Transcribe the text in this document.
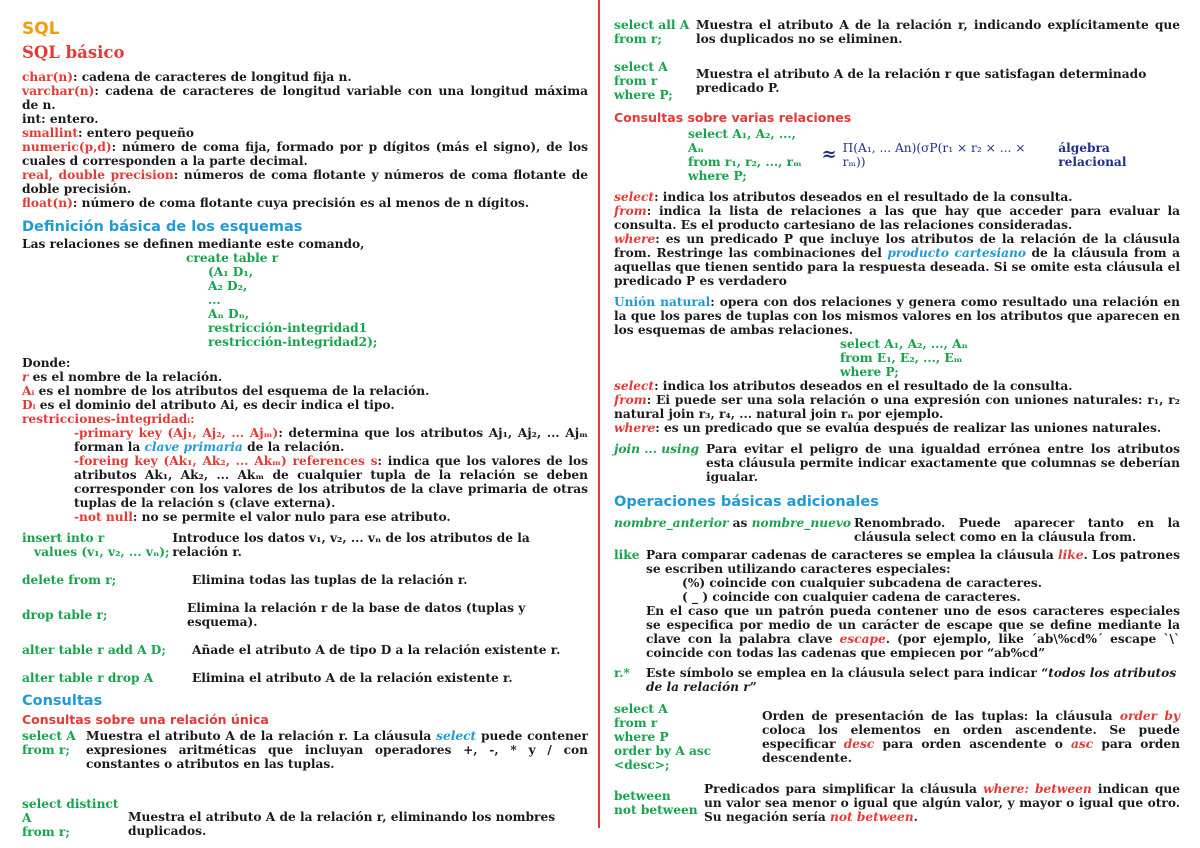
SQL
SQL básico
char(n): cadena de caracteres de longitud fija n.
varchar(n): cadena de caracteres de longitud variable con una longitud máxima de n.
int: entero.
smallint: entero pequeño
numeric(p,d): número de coma fija, formado por p dígitos (más el signo), de los cuales d corresponden a la parte decimal.
real, double precision: números de coma flotante y números de coma flotante de doble precisión.
float(n): número de coma flotante cuya precisión es al menos de n dígitos.
Definición básica de los esquemas
Las relaciones se definen mediante este comando,
create table r
(A₁ D₁,
A₂ D₂,
...
Aₙ Dₙ,
restricción-integridad1
restricción-integridad2);
Donde:
r es el nombre de la relación.
Aᵢ es el nombre de los atributos del esquema de la relación.
Dᵢ es el dominio del atributo Ai, es decir indica el tipo.
restricciones-integridadᵢ:
-primary key (Aj₁, Aj₂, ... Ajₘ): determina que los atributos Aj₁, Aj₂, ... Ajₘ forman la clave primaria de la relación.
-foreing key (Ak₁, Ak₂, ... Akₘ) references s: indica que los valores de los atributos Ak₁, Ak₂, ... Akₘ de cualquier tupla de la relación se deben corresponder con los valores de los atributos de la clave primaria de otras tuplas de la relación s (clave externa).
-not null: no se permite el valor nulo para ese atributo.
insert into r
values (v₁, v₂, ... vₙ);
Introduce los datos v₁, v₂, ... vₙ de los atributos de la relación r.
delete from r;	Elimina todas las tuplas de la relación r.
drop table r;	Elimina la relación r de la base de datos (tuplas y esquema).
alter table r add A D;	Añade el atributo A de tipo D a la relación existente r.
alter table r drop A	Elimina el atributo A de la relación existente r.
Consultas
Consultas sobre una relación única
select A
from r;
Muestra el atributo A de la relación r. La cláusula select puede contener expresiones aritméticas que incluyan operadores +, -, * y / con constantes o atributos en las tuplas.
select distinct A
from r;
Muestra el atributo A de la relación r, eliminando los nombres duplicados.
select all A
from r;
Muestra el atributo A de la relación r, indicando explícitamente que los duplicados no se eliminen.
select A
from r
where P;
Muestra el atributo A de la relación r que satisfagan determinado predicado P.
Consultas sobre varias relaciones
select A₁, A₂, ..., Aₙ
from r₁, r₂, ..., rₘ
where P;
≈ Π(A₁, ... An)(σP(r₁ × r₂ × ... × rₘ))
álgebra relacional
select: indica los atributos deseados en el resultado de la consulta.
from: indica la lista de relaciones a las que hay que acceder para evaluar la consulta. Es el producto cartesiano de las relaciones consideradas.
where: es un predicado P que incluye los atributos de la relación de la cláusula from. Restringe las combinaciones del producto cartesiano de la cláusula from a aquellas que tienen sentido para la respuesta deseada. Si se omite esta cláusula el predicado P es verdadero
Unión natural: opera con dos relaciones y genera como resultado una relación en la que los pares de tuplas con los mismos valores en los atributos que aparecen en los esquemas de ambas relaciones.
select A₁, A₂, ..., Aₙ
from E₁, E₂, ..., Eₘ
where P;
select: indica los atributos deseados en el resultado de la consulta.
from: Ei puede ser una sola relación o una expresión con uniones naturales: r₁, r₂ natural join r₃, r₄, ... natural join rₙ por ejemplo.
where: es un predicado que se evalúa después de realizar las uniones naturales.
join ... using Para evitar el peligro de una igualdad errónea entre los atributos esta cláusula permite indicar exactamente que columnas se deberían igualar.
Operaciones básicas adicionales
nombre_anterior as nombre_nuevo Renombrado. Puede aparecer tanto en la cláusula select como en la cláusula from.
like Para comparar cadenas de caracteres se emplea la cláusula like. Los patrones se escriben utilizando caracteres especiales:
(%) coincide con cualquier subcadena de caracteres.
( _ ) coincide con cualquier cadena de caracteres.
En el caso que un patrón pueda contener uno de esos caracteres especiales se especifica por medio de un carácter de escape que se define mediante la clave con la palabra clave escape. (por ejemplo, like ´ab\%cd%´ escape `\` coincide con todas las cadenas que empiecen por “ab%cd”
r.*	Este símbolo se emplea en la cláusula select para indicar “todos los atributos de la relación r”
select A
from r
where P
order by A asc <desc>;
Orden de presentación de las tuplas: la cláusula order by coloca los elementos en orden ascendente. Se puede especificar desc para orden ascendente o asc para orden descendente.
between
not between
Predicados para simplificar la cláusula where: between indican que un valor sea menor o igual que algún valor, y mayor o igual que otro. Su negación sería not between.
